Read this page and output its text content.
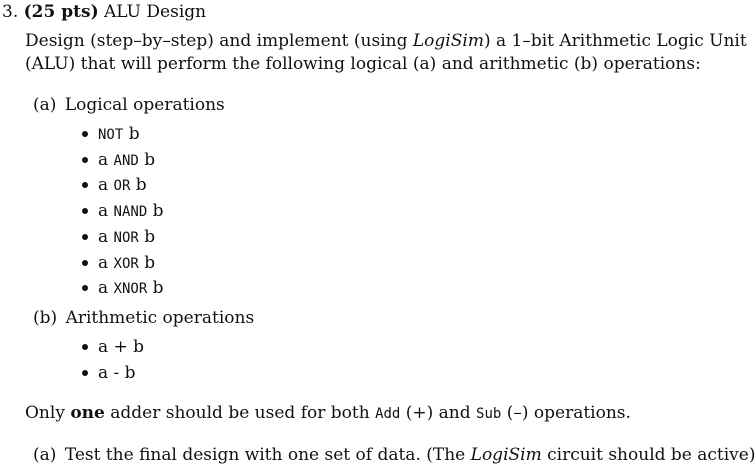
3. (25 pts) ALU Design
Design (step–by–step) and implement (using LogiSim) a 1–bit Arithmetic Logic Unit
(ALU) that will perform the following logical (a) and arithmetic (b) operations:
(a) Logical operations
NOT b
a AND b
a OR b
a NAND b
a NOR b
a XOR b
a XNOR b
(b) Arithmetic operations
a + b
a - b
Only one adder should be used for both Add (+) and Sub (–) operations.
(a) Test the final design with one set of data. (The LogiSim circuit should be active)
